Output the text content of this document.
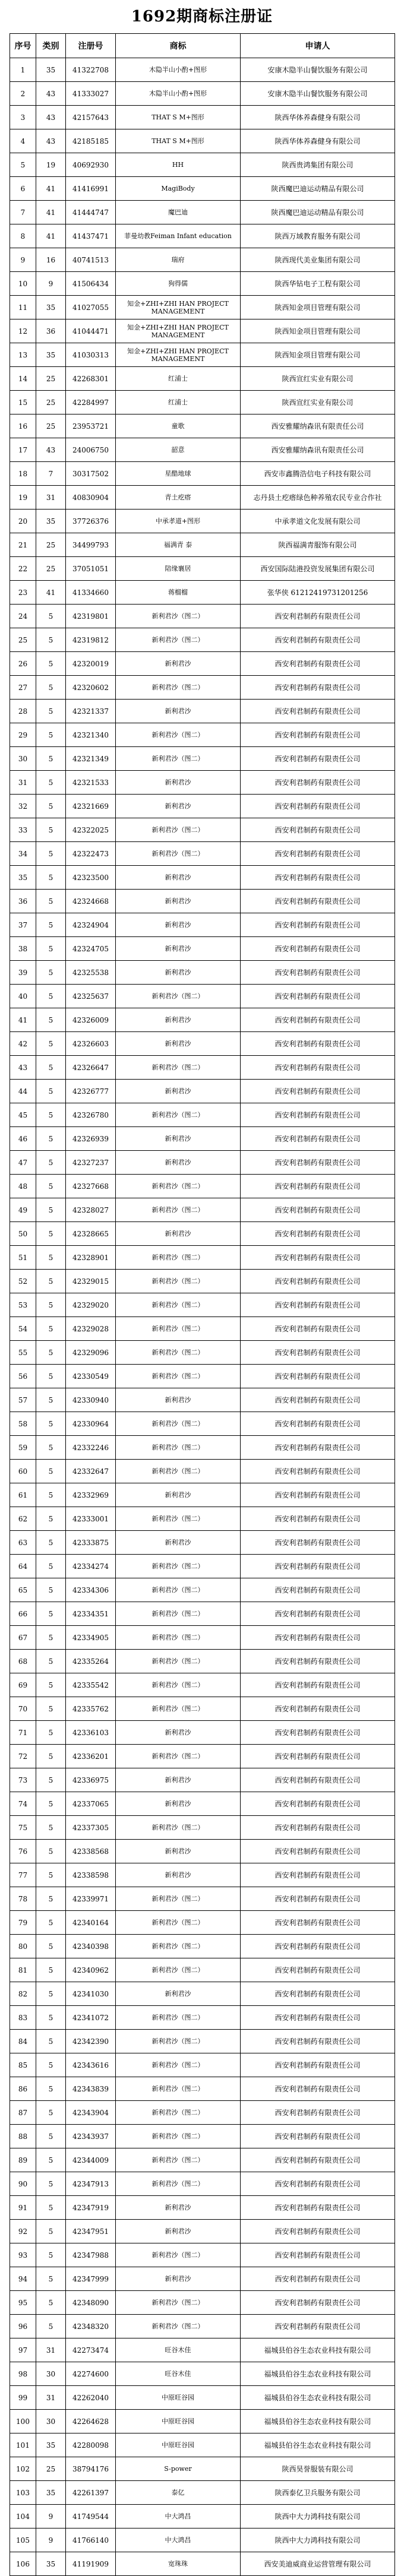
1692期商标注册证
序号	类别	注册号	商标	申请人
1	35	41322708	木隐半山小酌+图形	安康木隐半山餐饮服务有限公司
2	43	41333027	木隐半山小酌+图形	安康木隐半山餐饮服务有限公司
3	43	42157643	THAT S M+图形	陕西华体养森健身有限公司
4	43	42185185	THAT S M+图形	陕西华体养森健身有限公司
5	19	40692930	HH	陕西贵鸿集团有限公司
6	41	41416991	MagiBody	陕西魔巴迪运动精品有限公司
7	41	41444747	魔巴迪	陕西魔巴迪运动精品有限公司
8	41	41437471	菲曼幼教Feiman Infant education	陕西万域教育服务有限公司
9	16	40741513	瑞府	陕西现代美业集团有限公司
10	9	41506434	狗得儒	陕西华钻电子工程有限公司
11	35	41027055	知金+ZHI+ZHI HAN PROJECT MANAGEMENT	陕西知金项目管理有限公司
12	36	41044471	知金+ZHI+ZHI HAN PROJECT MANAGEMENT	陕西知金项目管理有限公司
13	35	41030313	知金+ZHI+ZHI HAN PROJECT MANAGEMENT	陕西知金项目管理有限公司
14	25	42268301	红浦士	陕西宣红实业有限公司
15	25	42284997	红浦士	陕西宣红实业有限公司
16	25	23953721	童歌	西安雅耀纳森讯有限责任公司
17	43	24006750	韶意	西安雅耀纳森讯有限责任公司
18	7	30317502	星酷地球	西安市鑫腾浩信电子科技有限公司
19	31	40830904	青土疙瘩	志丹县土疙瘩绿色种养殖农民专业合作社
20	35	37726376	中承孝道+图形	中承孝道文化发展有限公司
21	25	34499793	福满青 泰	陕西福满青服饰有限公司
22	25	37051051	陪缘襄居	西安国际陆港投资发展集团有限公司
23	41	41334660	蒋榴榴	张华侠 61212419731201256
24	5	42319801	新利君沙（图二）	西安利君制药有限责任公司
25	5	42319812	新利君沙（图二）	西安利君制药有限责任公司
26	5	42320019	新利君沙	西安利君制药有限责任公司
27	5	42320602	新利君沙（图二）	西安利君制药有限责任公司
28	5	42321337	新利君沙	西安利君制药有限责任公司
29	5	42321340	新利君沙（图二）	西安利君制药有限责任公司
30	5	42321349	新利君沙（图二）	西安利君制药有限责任公司
31	5	42321533	新利君沙	西安利君制药有限责任公司
32	5	42321669	新利君沙	西安利君制药有限责任公司
33	5	42322025	新利君沙（图二）	西安利君制药有限责任公司
34	5	42322473	新利君沙（图二）	西安利君制药有限责任公司
35	5	42323500	新利君沙	西安利君制药有限责任公司
36	5	42324668	新利君沙	西安利君制药有限责任公司
37	5	42324904	新利君沙	西安利君制药有限责任公司
38	5	42324705	新利君沙	西安利君制药有限责任公司
39	5	42325538	新利君沙	西安利君制药有限责任公司
40	5	42325637	新利君沙（图二）	西安利君制药有限责任公司
41	5	42326009	新利君沙	西安利君制药有限责任公司
42	5	42326603	新利君沙	西安利君制药有限责任公司
43	5	42326647	新利君沙（图二）	西安利君制药有限责任公司
44	5	42326777	新利君沙	西安利君制药有限责任公司
45	5	42326780	新利君沙（图二）	西安利君制药有限责任公司
46	5	42326939	新利君沙	西安利君制药有限责任公司
47	5	42327237	新利君沙	西安利君制药有限责任公司
48	5	42327668	新利君沙（图二）	西安利君制药有限责任公司
49	5	42328027	新利君沙（图二）	西安利君制药有限责任公司
50	5	42328665	新利君沙	西安利君制药有限责任公司
51	5	42328901	新利君沙（图二）	西安利君制药有限责任公司
52	5	42329015	新利君沙（图二）	西安利君制药有限责任公司
53	5	42329020	新利君沙（图二）	西安利君制药有限责任公司
54	5	42329028	新利君沙（图二）	西安利君制药有限责任公司
55	5	42329096	新利君沙（图二）	西安利君制药有限责任公司
56	5	42330549	新利君沙（图二）	西安利君制药有限责任公司
57	5	42330940	新利君沙	西安利君制药有限责任公司
58	5	42330964	新利君沙（图二）	西安利君制药有限责任公司
59	5	42332246	新利君沙（图二）	西安利君制药有限责任公司
60	5	42332647	新利君沙（图二）	西安利君制药有限责任公司
61	5	42332969	新利君沙	西安利君制药有限责任公司
62	5	42333001	新利君沙（图二）	西安利君制药有限责任公司
63	5	42333875	新利君沙	西安利君制药有限责任公司
64	5	42334274	新利君沙（图二）	西安利君制药有限责任公司
65	5	42334306	新利君沙（图二）	西安利君制药有限责任公司
66	5	42334351	新利君沙（图二）	西安利君制药有限责任公司
67	5	42334905	新利君沙（图二）	西安利君制药有限责任公司
68	5	42335264	新利君沙（图二）	西安利君制药有限责任公司
69	5	42335542	新利君沙（图二）	西安利君制药有限责任公司
70	5	42335762	新利君沙（图二）	西安利君制药有限责任公司
71	5	42336103	新利君沙	西安利君制药有限责任公司
72	5	42336201	新利君沙（图二）	西安利君制药有限责任公司
73	5	42336975	新利君沙	西安利君制药有限责任公司
74	5	42337065	新利君沙	西安利君制药有限责任公司
75	5	42337305	新利君沙（图二）	西安利君制药有限责任公司
76	5	42338568	新利君沙	西安利君制药有限责任公司
77	5	42338598	新利君沙	西安利君制药有限责任公司
78	5	42339971	新利君沙（图二）	西安利君制药有限责任公司
79	5	42340164	新利君沙（图二）	西安利君制药有限责任公司
80	5	42340398	新利君沙（图二）	西安利君制药有限责任公司
81	5	42340962	新利君沙（图二）	西安利君制药有限责任公司
82	5	42341030	新利君沙	西安利君制药有限责任公司
83	5	42341072	新利君沙（图二）	西安利君制药有限责任公司
84	5	42342390	新利君沙（图二）	西安利君制药有限责任公司
85	5	42343616	新利君沙（图二）	西安利君制药有限责任公司
86	5	42343839	新利君沙（图二）	西安利君制药有限责任公司
87	5	42343904	新利君沙（图二）	西安利君制药有限责任公司
88	5	42343937	新利君沙（图二）	西安利君制药有限责任公司
89	5	42344009	新利君沙（图二）	西安利君制药有限责任公司
90	5	42347913	新利君沙（图二）	西安利君制药有限责任公司
91	5	42347919	新利君沙	西安利君制药有限责任公司
92	5	42347951	新利君沙	西安利君制药有限责任公司
93	5	42347988	新利君沙（图二）	西安利君制药有限责任公司
94	5	42347999	新利君沙	西安利君制药有限责任公司
95	5	42348090	新利君沙（图二）	西安利君制药有限责任公司
96	5	42348320	新利君沙（图二）	西安利君制药有限责任公司
97	31	42273474	旺谷木佳	福城县伯谷生态农业科技有限公司
98	30	42274600	旺谷木佳	福城县伯谷生态农业科技有限公司
99	31	42262040	中原旺谷园	福城县伯谷生态农业科技有限公司
100	30	42264628	中原旺谷园	福城县伯谷生态农业科技有限公司
101	35	42280098	中原旺谷园	福城县伯谷生态农业科技有限公司
102	25	38794176	S-power	陕西昊誉服装有限公司
103	35	42261397	泰亿	陕西泰亿卫兵服务有限公司
104	9	41749544	中大鸿昌	陕西中大力鸿科技有限公司
105	9	41766140	中大鸿昌	陕西中大力鸿科技有限公司
106	35	41191909	宽珠珠	西安美迪威商业运营管理有限公司
